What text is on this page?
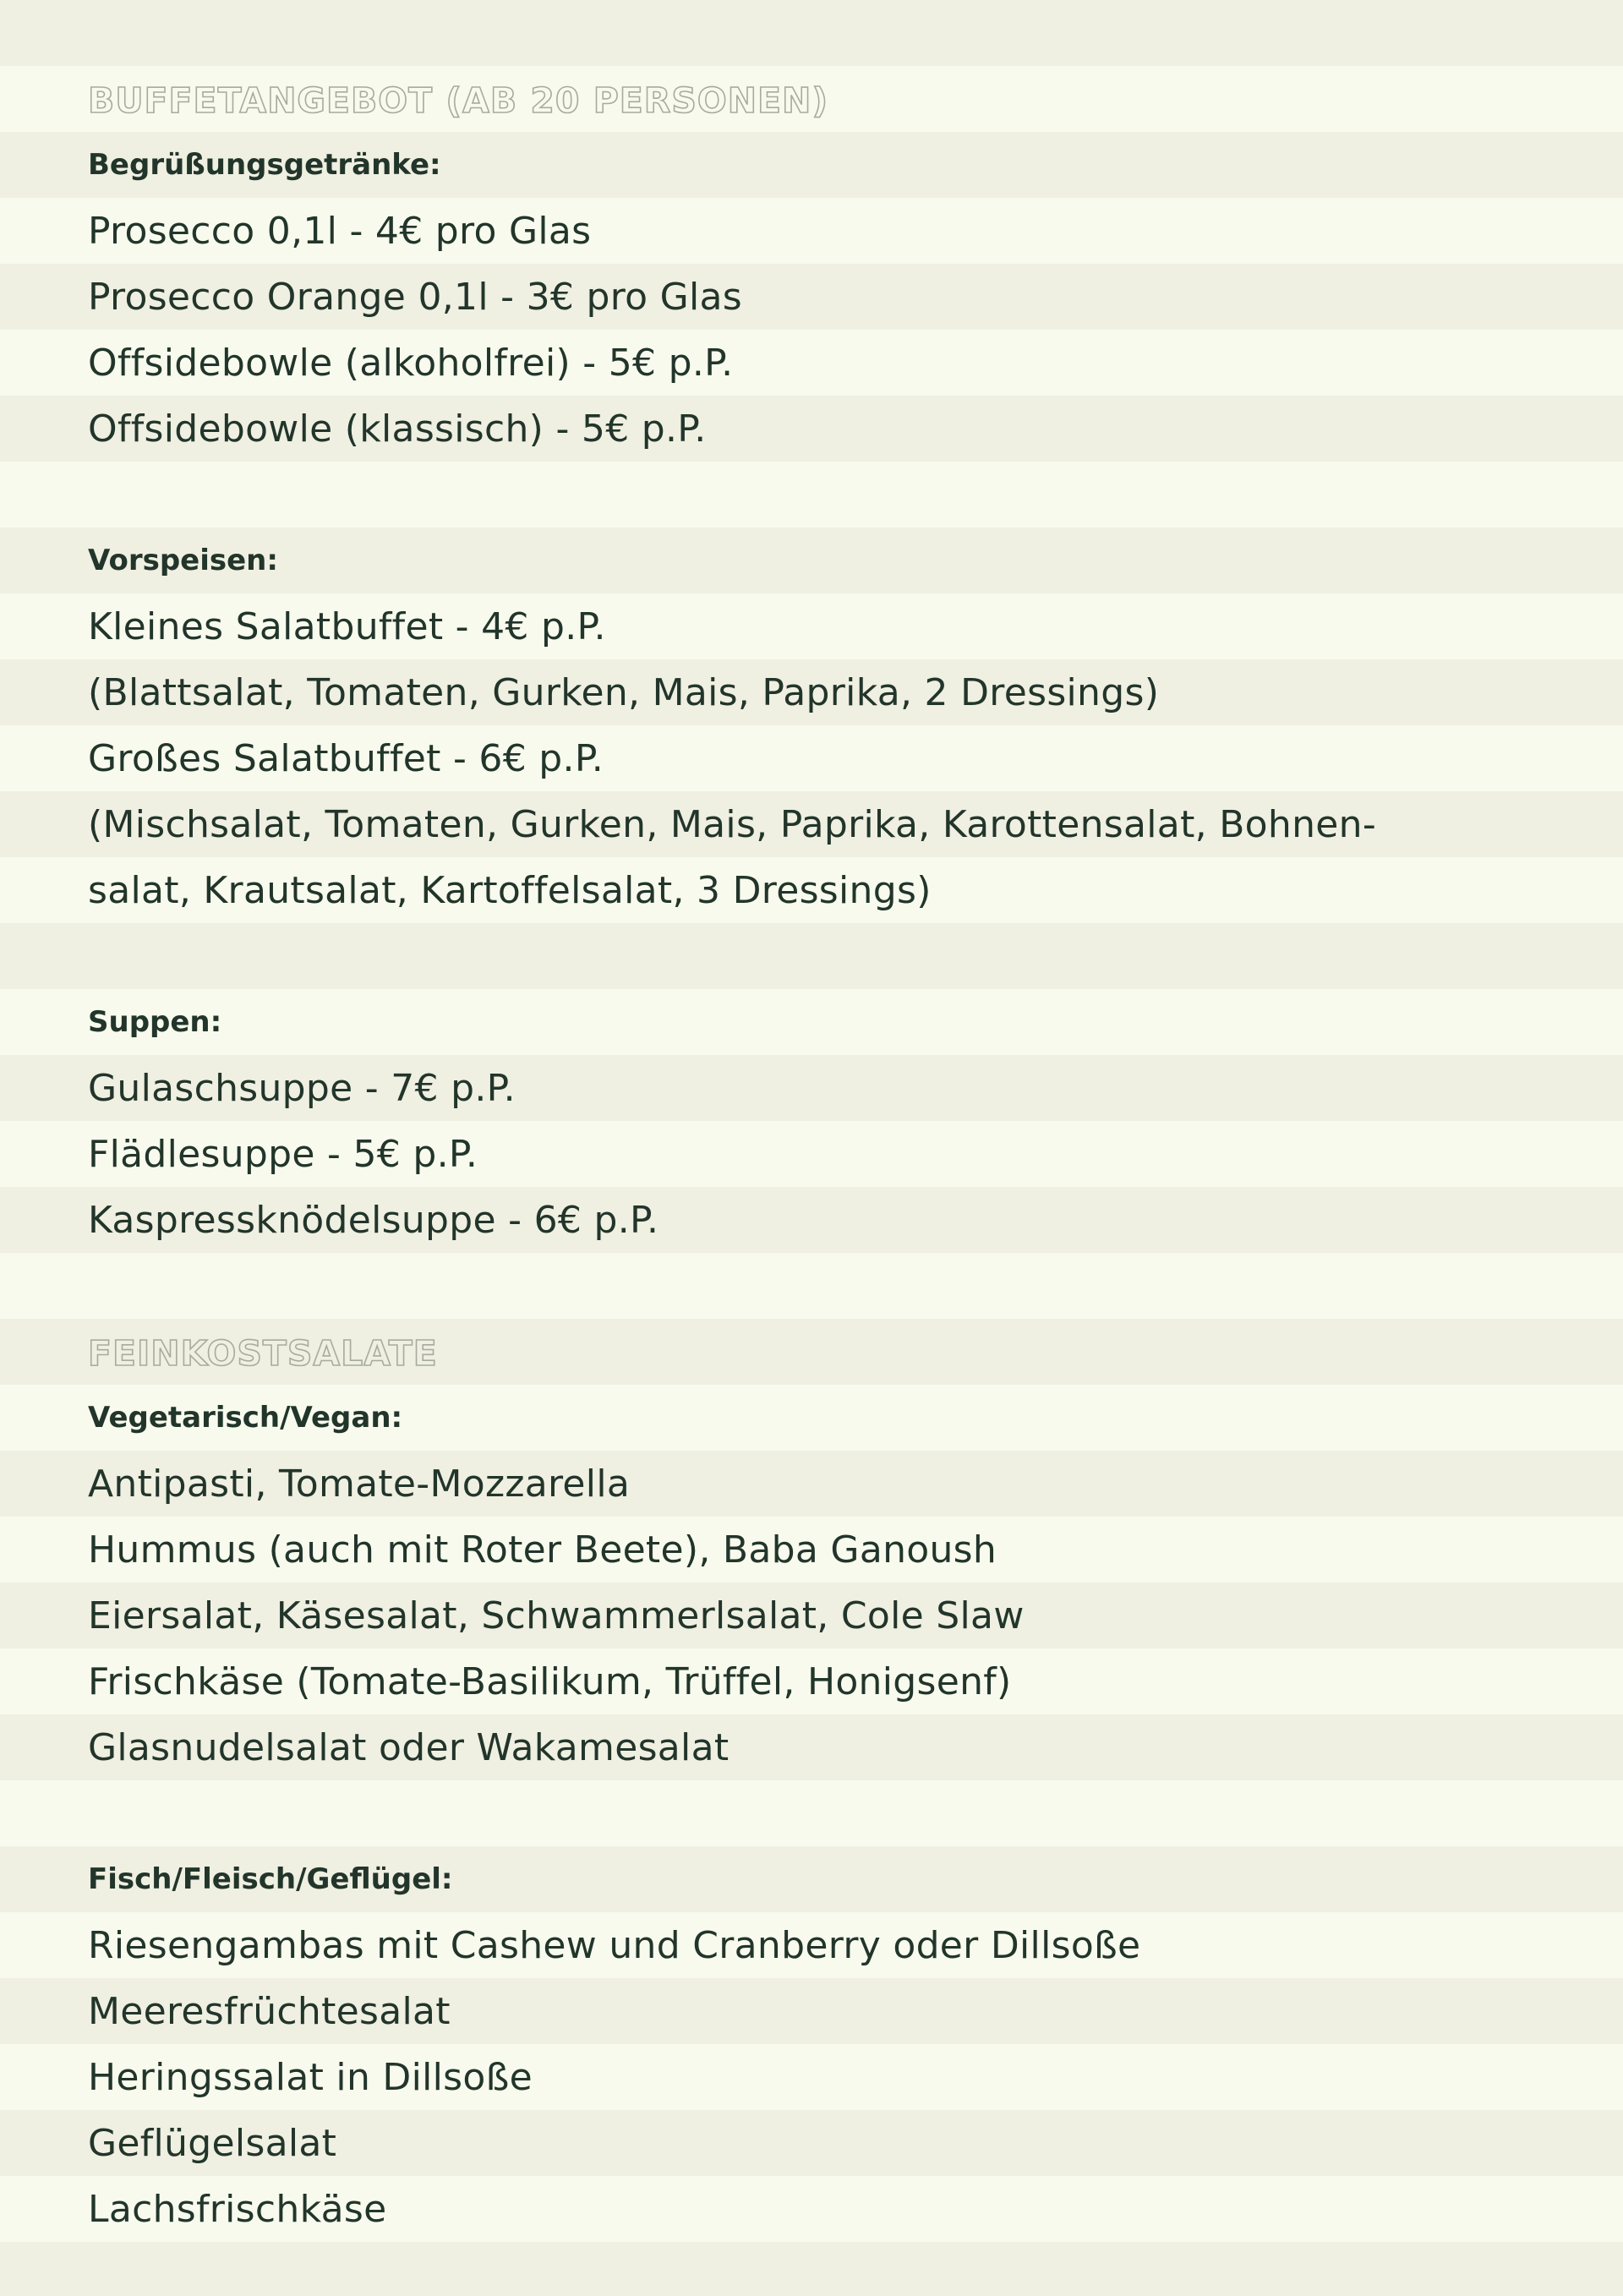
BUFFETANGEBOT (AB 20 PERSONEN)
Begrüßungsgetränke:
Prosecco 0,1l - 4€ pro Glas
Prosecco Orange 0,1l - 3€ pro Glas
Offsidebowle (alkoholfrei) - 5€ p.P.
Offsidebowle (klassisch) - 5€ p.P.
Vorspeisen:
Kleines Salatbuffet - 4€ p.P.
(Blattsalat, Tomaten, Gurken, Mais, Paprika, 2 Dressings)
Großes Salatbuffet - 6€ p.P.
(Mischsalat, Tomaten, Gurken, Mais, Paprika, Karottensalat, Bohnen-
salat, Krautsalat, Kartoffelsalat, 3 Dressings)
Suppen:
Gulaschsuppe - 7€ p.P.
Flädlesuppe - 5€ p.P.
Kaspressknödelsuppe - 6€ p.P.
FEINKOSTSALATE
Vegetarisch/Vegan:
Antipasti, Tomate-Mozzarella
Hummus (auch mit Roter Beete), Baba Ganoush
Eiersalat, Käsesalat, Schwammerlsalat, Cole Slaw
Frischkäse (Tomate-Basilikum, Trüffel, Honigsenf)
Glasnudelsalat oder Wakamesalat
Fisch/Fleisch/Geflügel:
Riesengambas mit Cashew und Cranberry oder Dillsoße
Meeresfrüchtesalat
Heringssalat in Dillsoße
Geflügelsalat
Lachsfrischkäse
